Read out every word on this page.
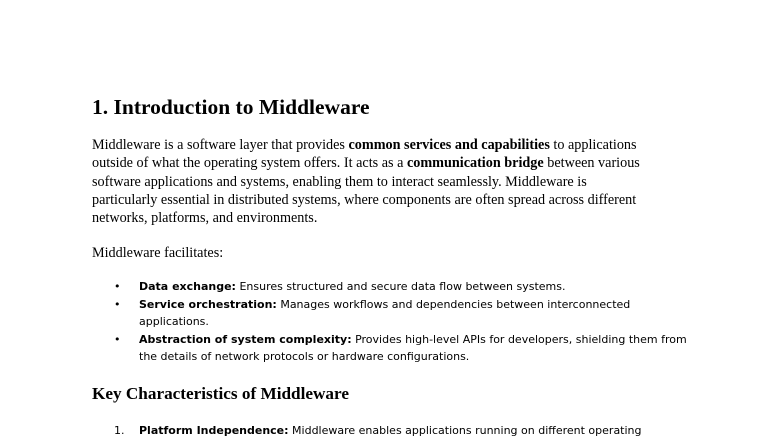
1. Introduction to Middleware
Middleware is a software layer that provides common services and capabilities to applications
outside of what the operating system offers. It acts as a communication bridge between various
software applications and systems, enabling them to interact seamlessly. Middleware is
particularly essential in distributed systems, where components are often spread across different
networks, platforms, and environments.
Middleware facilitates:
•	Data exchange: Ensures structured and secure data flow between systems.
•	Service orchestration: Manages workflows and dependencies between interconnected
applications.
•	Abstraction of system complexity: Provides high-level APIs for developers, shielding them from
the details of network protocols or hardware configurations.
Key Characteristics of Middleware
1. Platform Independence: Middleware enables applications running on different operating
